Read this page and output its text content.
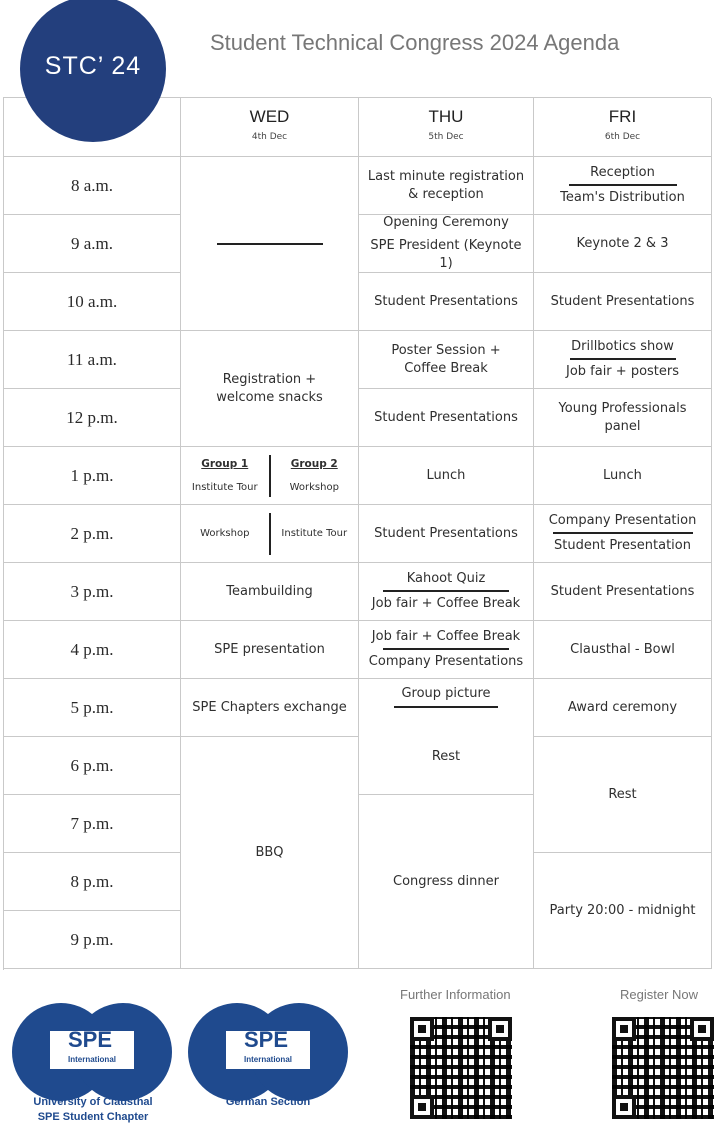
STC’ 24
Student Technical Congress 2024 Agenda
WED
4th Dec
THU
5th Dec
FRI
6th Dec
8 a.m.
9 a.m.
10 a.m.
11 a.m.
12 p.m.
1 p.m.
2 p.m.
3 p.m.
4 p.m.
5 p.m.
6 p.m.
7 p.m.
8 p.m.
9 p.m.
Registration + welcome snacks
Group 1
Institute Tour
Group 2
Workshop
Workshop	Institute Tour
Teambuilding
SPE presentation
SPE Chapters exchange
BBQ
Last minute registration & reception
Opening Ceremony
SPE President (Keynote 1)
Student Presentations
Poster Session + Coffee Break
Student Presentations
Lunch
Student Presentations
Kahoot Quiz
Job fair + Coffee Break
Job fair + Coffee Break
Company Presentations
Group picture
Rest
Congress dinner
Reception
Team's Distribution
Keynote 2 & 3
Student Presentations
Drillbotics show
Job fair + posters
Young Professionals panel
Lunch
Company Presentation
Student Presentation
Student Presentations
Clausthal - Bowl
Award ceremony
Rest
Party 20:00 - midnight
SPE
International
University of Clausthal
SPE Student Chapter
SPE
International
German Section
Further Information	Register Now
